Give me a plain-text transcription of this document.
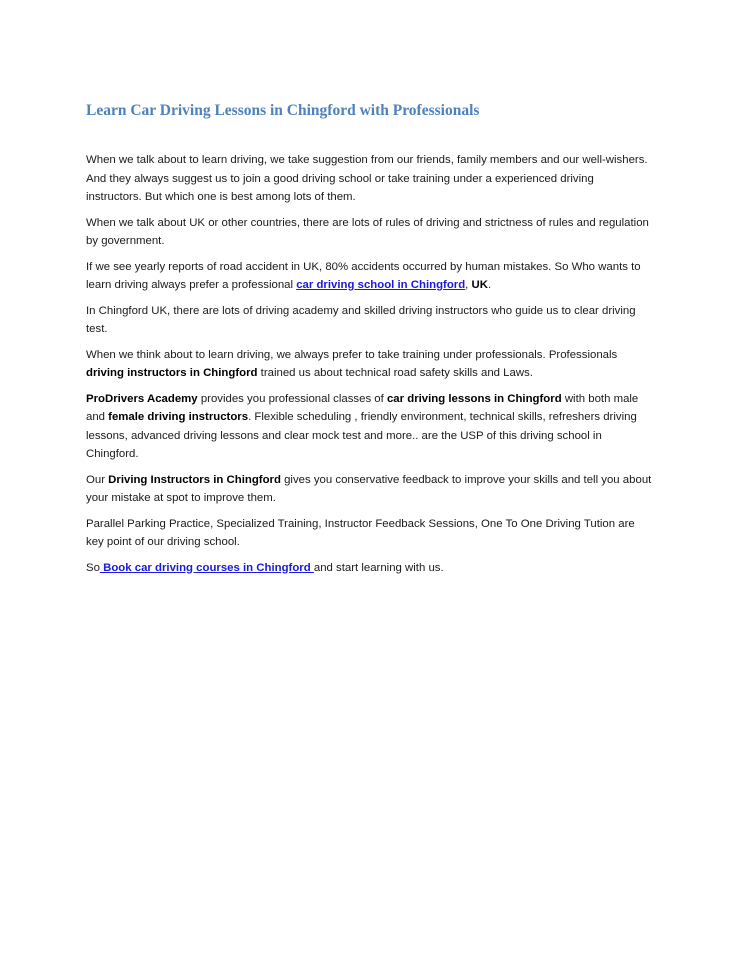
Learn Car Driving Lessons in Chingford with Professionals

When we talk about to learn driving, we take suggestion from our friends, family members and our well-wishers. And they always suggest us to join a good driving school or take training under a experienced driving instructors. But which one is best among lots of them.

When we talk about UK or other countries, there are lots of rules of driving and strictness of rules and regulation by government.

If we see yearly reports of road accident in UK, 80% accidents occurred by human mistakes. So Who wants to learn driving always prefer a professional car driving school in Chingford, UK.

In Chingford UK, there are lots of driving academy and skilled driving instructors who guide us to clear driving test.

When we think about to learn driving, we always prefer to take training under professionals. Professionals driving instructors in Chingford trained us about technical road safety skills and Laws.

ProDrivers Academy provides you professional classes of car driving lessons in Chingford with both male and female driving instructors. Flexible scheduling , friendly environment, technical skills, refreshers driving lessons, advanced driving lessons and clear mock test and more.. are the USP of this driving school in Chingford.

Our Driving Instructors in Chingford gives you conservative feedback to improve your skills and tell you about your mistake at spot to improve them.

Parallel Parking Practice, Specialized Training, Instructor Feedback Sessions, One To One Driving Tution are key point of our driving school.

So Book car driving courses in Chingford and start learning with us.
